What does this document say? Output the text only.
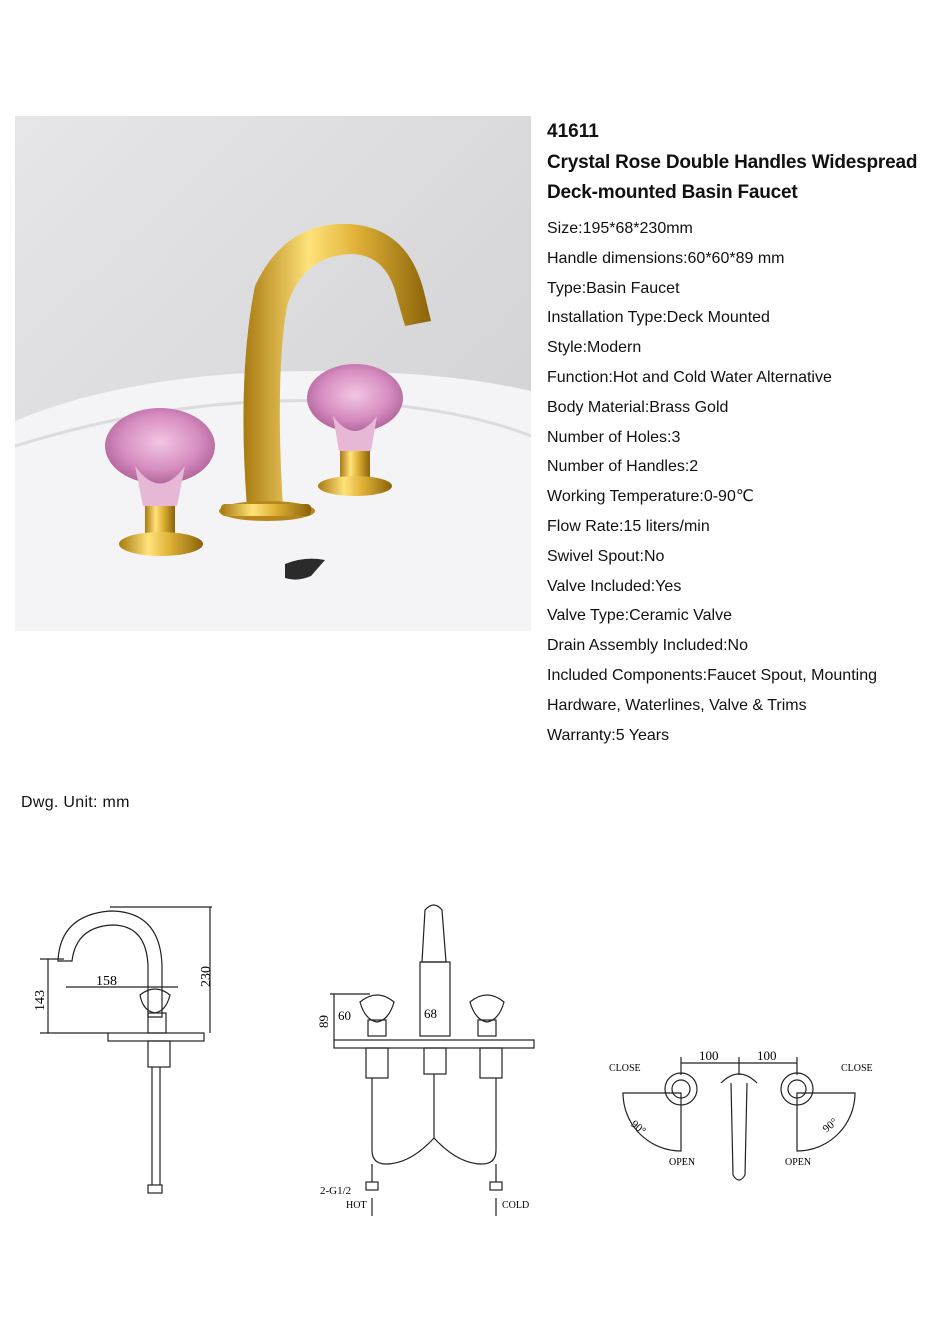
41611
Crystal Rose Double Handles Widespread Deck-mounted Basin Faucet
Size:195*68*230mm
Handle dimensions:60*60*89 mm
Type:Basin Faucet
Installation Type:Deck Mounted
Style:Modern
Function:Hot and Cold Water Alternative
Body Material:Brass Gold
Number of Holes:3
Number of Handles:2
Working Temperature:0-90℃
Flow Rate:15 liters/min
Swivel Spout:No
Valve Included:Yes
Valve Type:Ceramic Valve
Drain Assembly Included:No
Included Components:Faucet Spout, Mounting Hardware, Waterlines, Valve & Trims
Warranty:5 Years
Dwg. Unit: mm
158	230
143
89 60	68
2-G1/2
HOT	COLD
CLOSE	CLOSE
OPEN	OPEN
90°	90°
100	100
